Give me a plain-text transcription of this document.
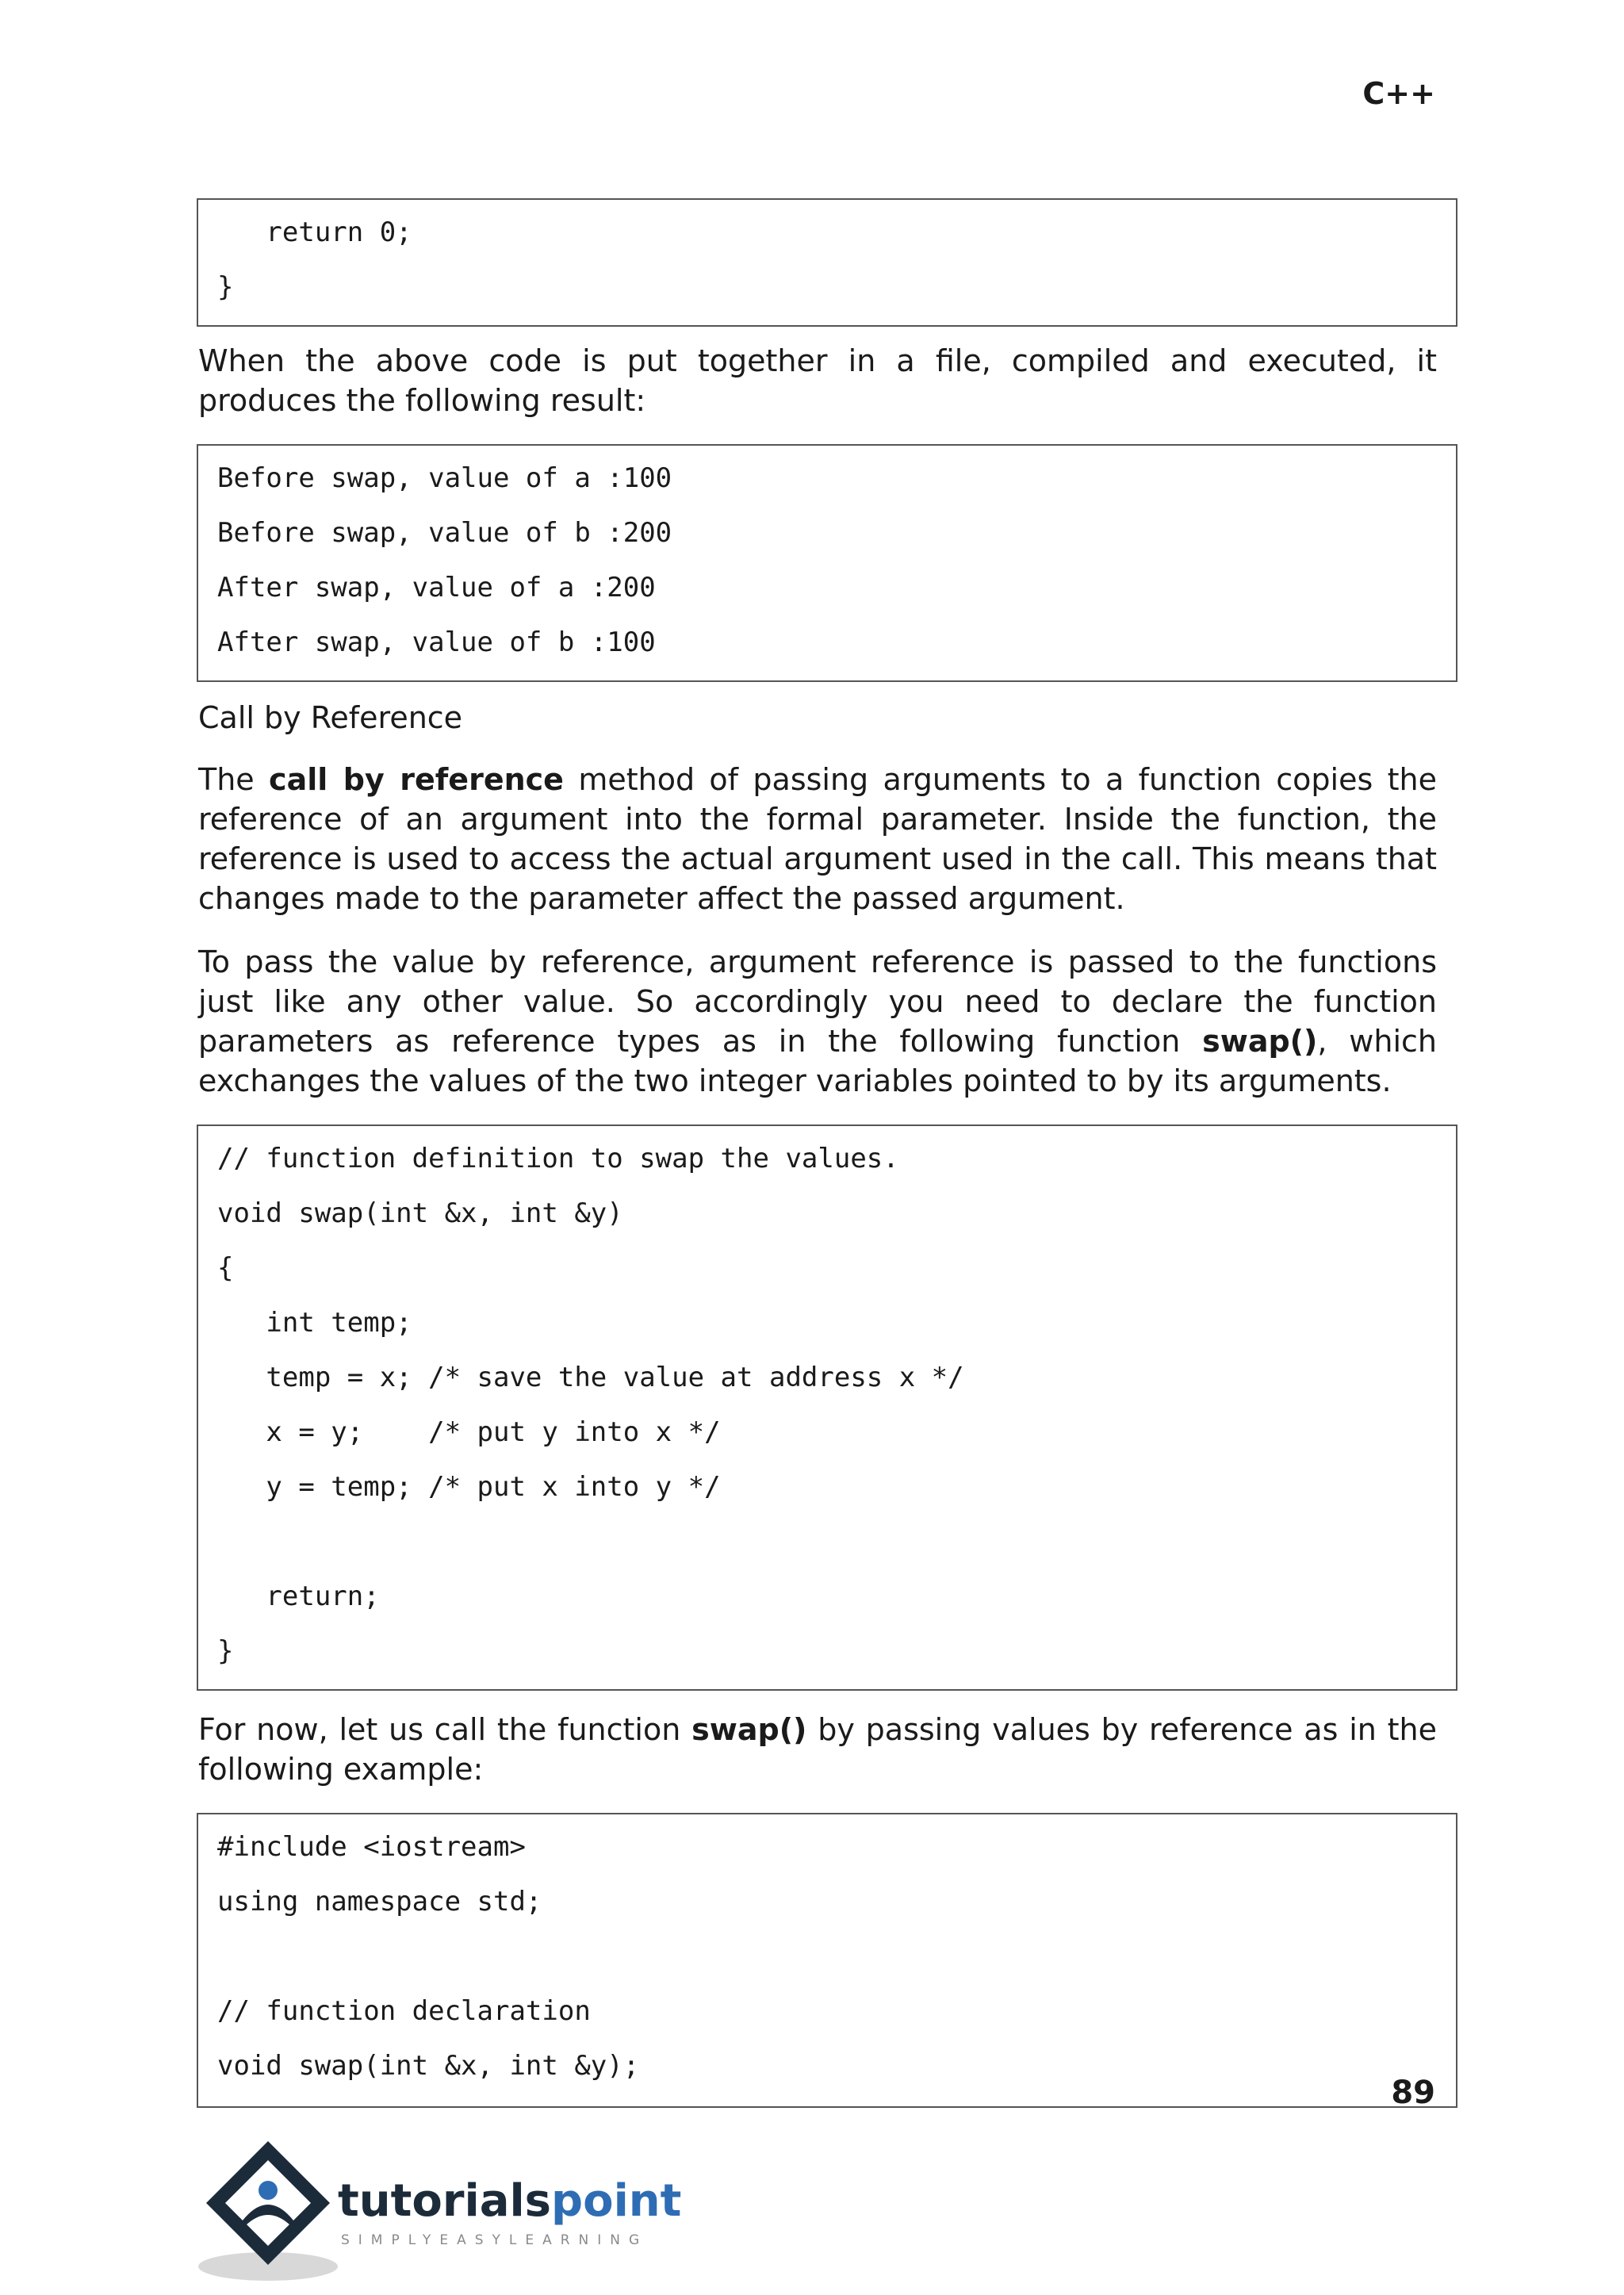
C++
return 0;
}

When the above code is put together in a file, compiled and executed, it produces the following result:

Before swap, value of a :100
Before swap, value of b :200
After swap, value of a :200
After swap, value of b :100

Call by Reference

The call by reference method of passing arguments to a function copies the reference of an argument into the formal parameter. Inside the function, the reference is used to access the actual argument used in the call. This means that changes made to the parameter affect the passed argument.

To pass the value by reference, argument reference is passed to the functions just like any other value. So accordingly you need to declare the function parameters as reference types as in the following function swap(), which exchanges the values of the two integer variables pointed to by its arguments.

// function definition to swap the values.
void swap(int &x, int &y)
{
int temp;
temp = x; /* save the value at address x */
x = y;    /* put y into x */
y = temp; /* put x into y */
return;
}

For now, let us call the function swap() by passing values by reference as in the following example:

#include <iostream>
using namespace std;
// function declaration
void swap(int &x, int &y);
89
tutorialspoint
SIMPLYEASYLEARNING
